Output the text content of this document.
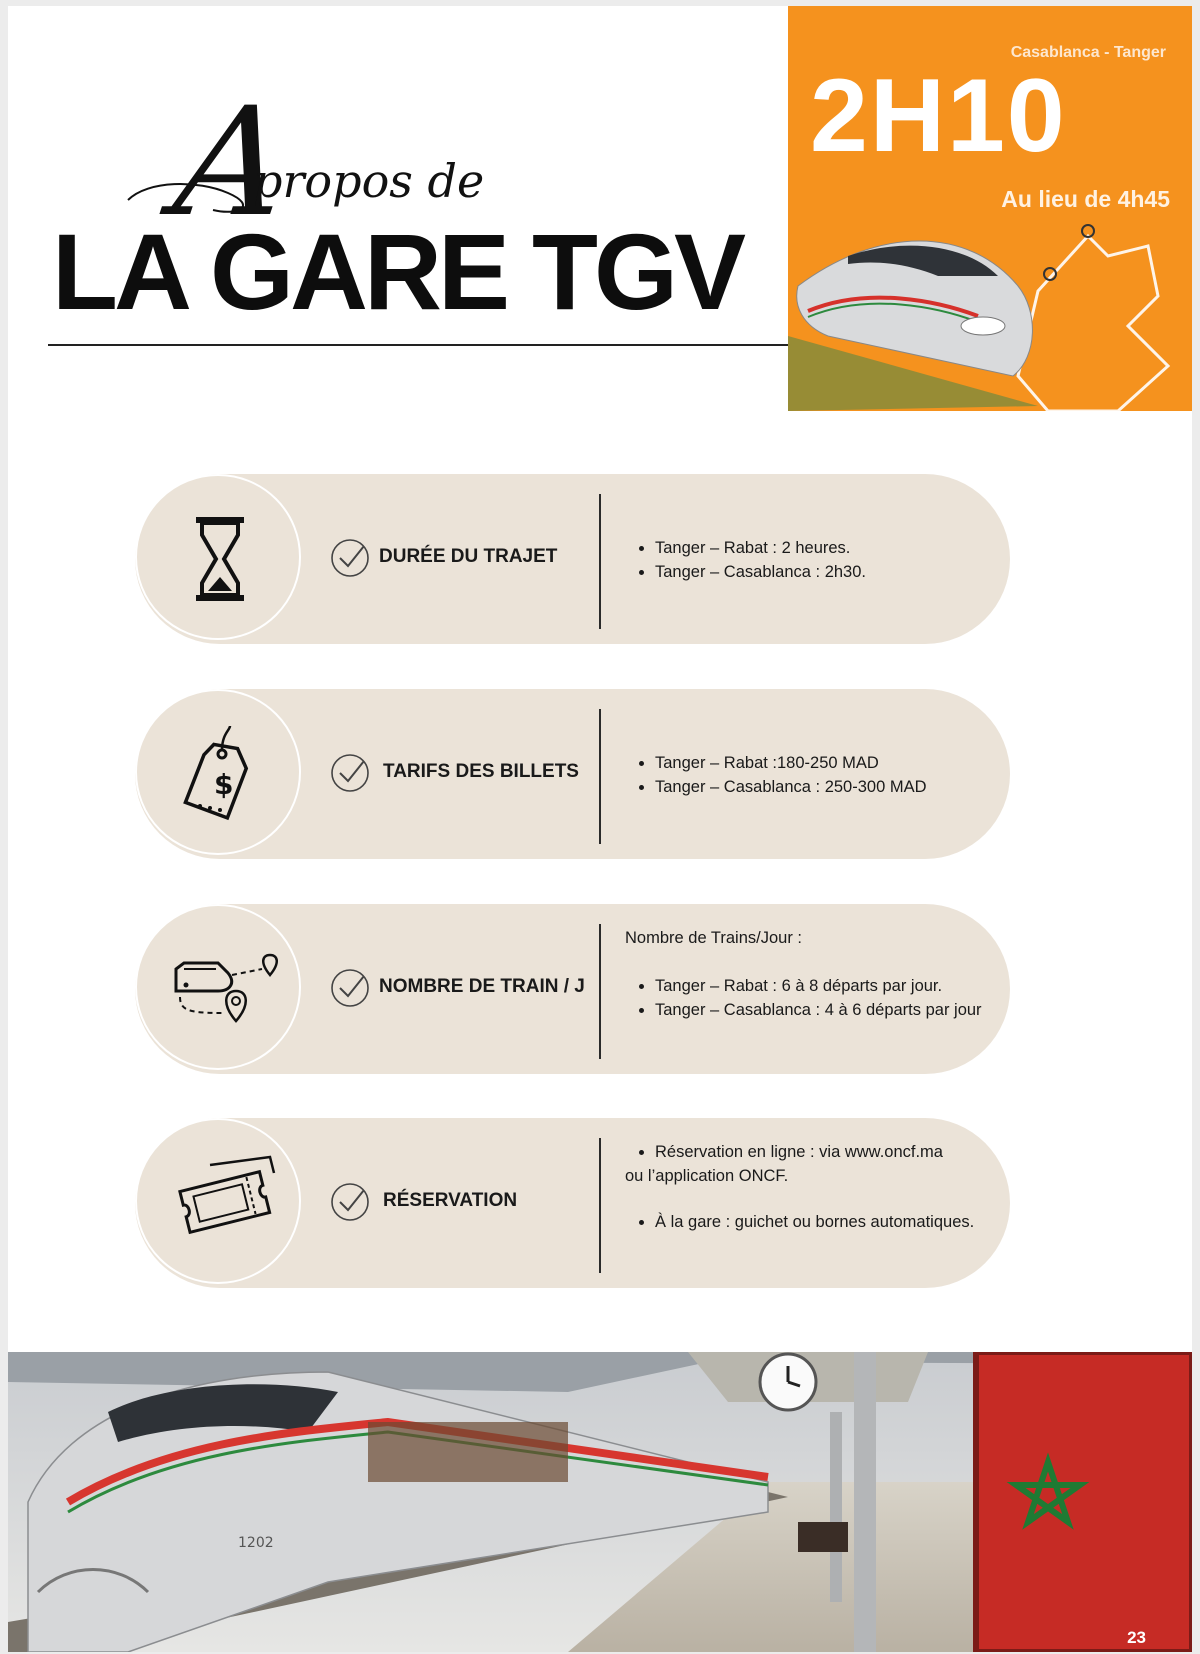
A
propos de
LA GARE TGV
Casablanca - Tanger
2H10
Au lieu de 4h45
DURÉE DU TRAJET	• Tanger – Rabat : 2 heures.
• Tanger – Casablanca : 2h30.
$	TARIFS DES BILLETS	• Tanger – Rabat :180-250 MAD
• Tanger – Casablanca : 250-300 MAD
NOMBRE DE TRAIN / J

Nombre de Trains/Jour :

• Tanger – Rabat : 6 à 8 départs par jour.
• Tanger – Casablanca : 4 à 6 départs par jour
RÉSERVATION
• Réservation en ligne : via www.oncf.ma

ou l’application ONCF.

• À la gare : guichet ou bornes automatiques.
1202
23
